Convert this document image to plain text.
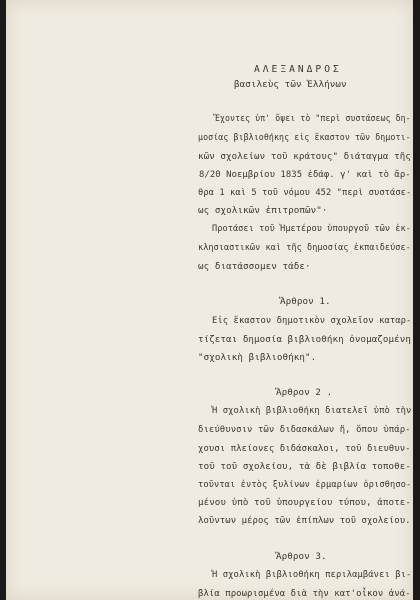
ΑΛΕΞΑΝΔΡΟΣ
βασιλεὺς τῶν Ἑλλήνων
Ἔχοντες ὑπ' ὄψει τὸ "περὶ συστάσεως δη-
μοσίας βιβλιοθήκης εἰς ἕκαστον τῶν δημοτι-
κῶν σχολείων τοῦ κράτους" διάταγμα τῆς
8/20 Νοεμβρίου 1835 ἐδάφ. γ' καὶ τὸ ἄρ-
θρα 1 καὶ 5 τοῦ νόμου 452 "περὶ συστάσε-
ως σχολικῶν ἐπιτροπῶν"·
Προτάσει τοῦ Ἡμετέρου ὑπουργοῦ τῶν ἐκ-
κλησιαστικῶν καὶ τῆς δημοσίας ἐκπαιδεύσε-
ως διατάσσομεν τάδε·
Ἄρθρον 1.
Εἰς ἕκαστον δημοτικὸν σχολεῖον καταρ-
τίζεται δημοσία βιβλιοθήκη ὀνομαζομένη
"σχολικὴ βιβλιοθήκη".
Ἄρθρον 2 .
Ἡ σχολικὴ βιβλιοθήκη διατελεῖ ὑπὸ τὴν
διεύθυνσιν τῶν διδασκάλων ἤ, ὅπου ὑπάρ-
χουσι πλείονες διδάσκαλοι, τοῦ διευθυν-
τοῦ τοῦ σχολείου, τὰ δὲ βιβλία τοποθε-
τοῦνται ἐντὸς ξυλίνων ἑρμαρίων ὁρισθησο-
μένου ὑπὸ τοῦ ὑπουργείου τύπου, ἀποτε-
λοῦντων μέρος τῶν ἐπίπλων τοῦ σχολείου.
Ἄρθρον 3.
Ἡ σχολικὴ βιβλιοθήκη περιλαμβάνει βι-
βλία προωρισμένα διὰ τὴν κατ'οἶκον ἀνά-
